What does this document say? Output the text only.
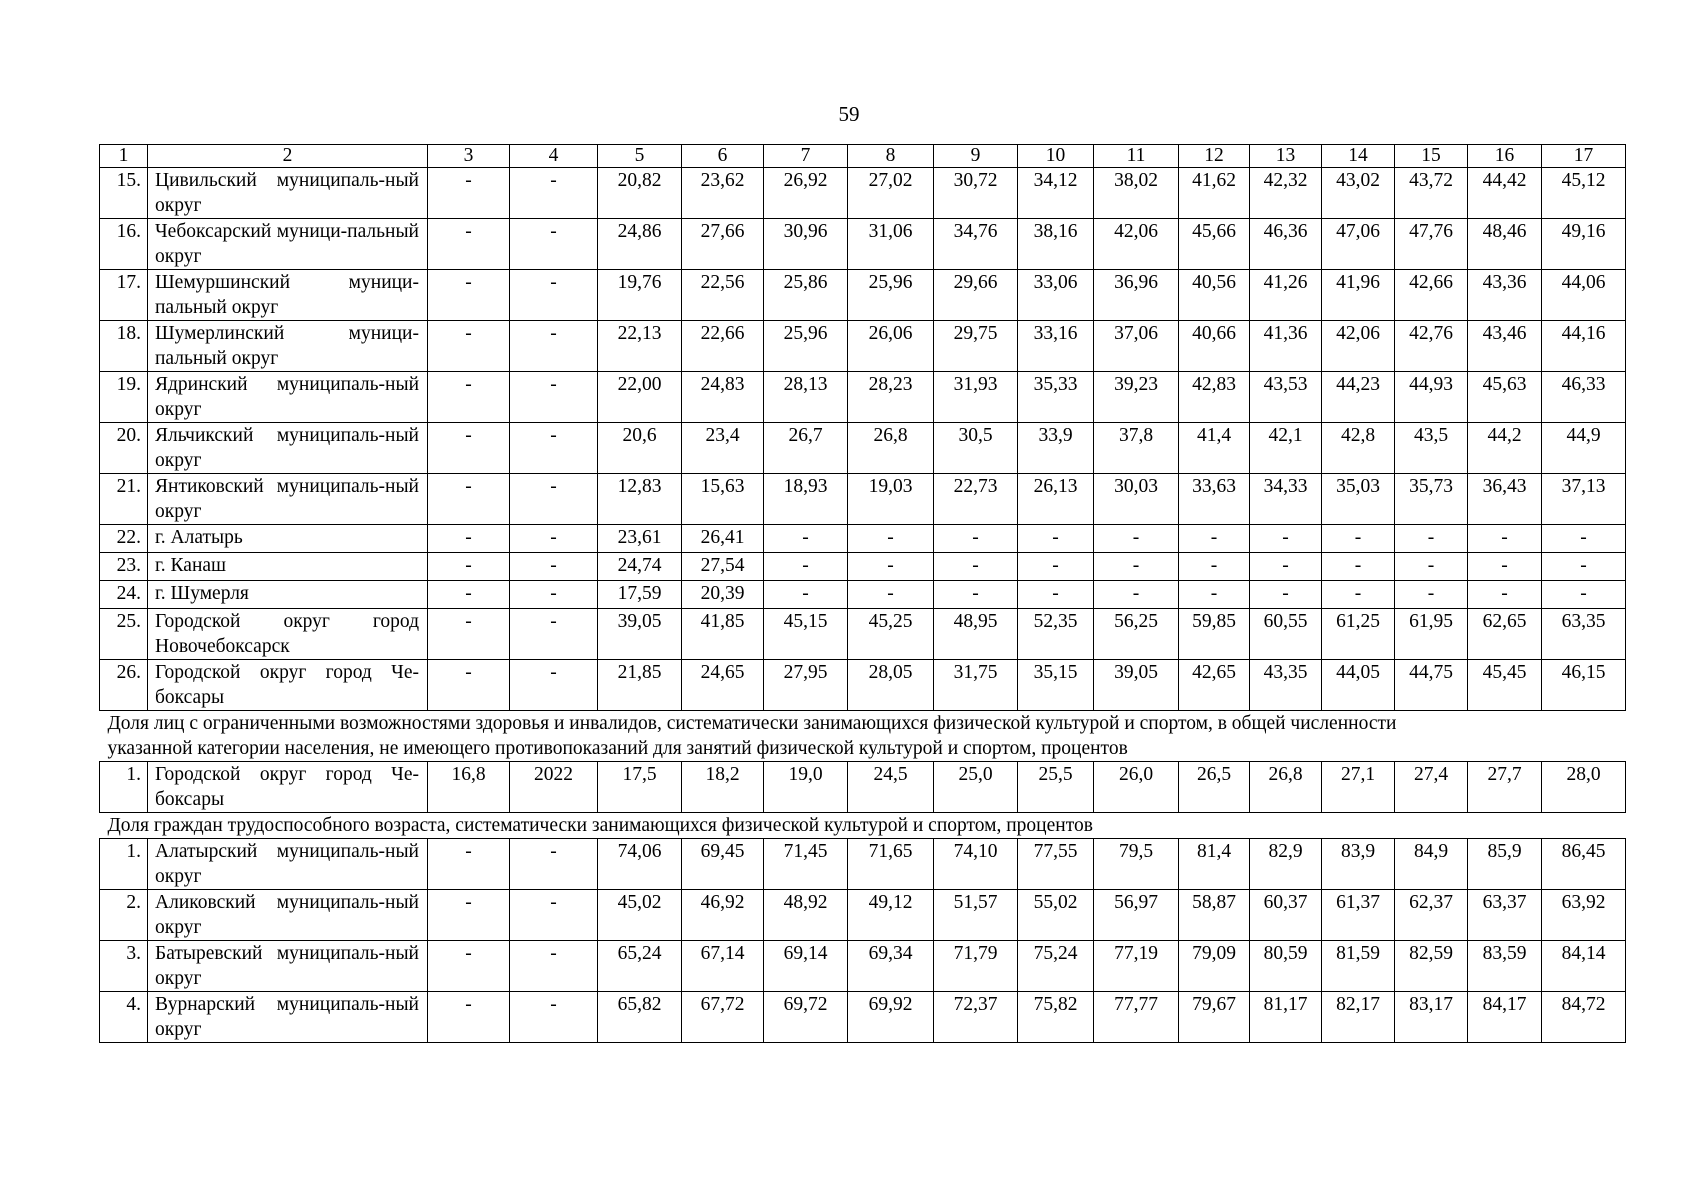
59
1	2	3	4	5	6	7	8	9	10	11	12	13	14	15	16	17
15.	Цивильский муниципаль-ный округ	-	-	20,82	23,62	26,92	27,02	30,72	34,12	38,02	41,62	42,32	43,02	43,72	44,42	45,12
16.	Чебоксарский муници-пальный округ	-	-	24,86	27,66	30,96	31,06	34,76	38,16	42,06	45,66	46,36	47,06	47,76	48,46	49,16
17.	Шемуршинский муници-пальный округ	-	-	19,76	22,56	25,86	25,96	29,66	33,06	36,96	40,56	41,26	41,96	42,66	43,36	44,06
18.	Шумерлинский муници-пальный округ	-	-	22,13	22,66	25,96	26,06	29,75	33,16	37,06	40,66	41,36	42,06	42,76	43,46	44,16
19.	Ядринский муниципаль-ный округ	-	-	22,00	24,83	28,13	28,23	31,93	35,33	39,23	42,83	43,53	44,23	44,93	45,63	46,33
20.	Яльчикский муниципаль-ный округ	-	-	20,6	23,4	26,7	26,8	30,5	33,9	37,8	41,4	42,1	42,8	43,5	44,2	44,9
21.	Янтиковский муниципаль-ный округ	-	-	12,83	15,63	18,93	19,03	22,73	26,13	30,03	33,63	34,33	35,03	35,73	36,43	37,13
22.	г. Алатырь	-	-	23,61	26,41	-	-	-	-	-	-	-	-	-	-	-
23.	г. Канаш	-	-	24,74	27,54	-	-	-	-	-	-	-	-	-	-	-
24.	г. Шумерля	-	-	17,59	20,39	-	-	-	-	-	-	-	-	-	-	-
25.	Городской округ город Новочебоксарск	-	-	39,05	41,85	45,15	45,25	48,95	52,35	56,25	59,85	60,55	61,25	61,95	62,65	63,35
26.	Городской округ город Че-боксары	-	-	21,85	24,65	27,95	28,05	31,75	35,15	39,05	42,65	43,35	44,05	44,75	45,45	46,15

Доля лиц с ограниченными возможностями здоровья и инвалидов, систематически занимающихся физической культурой и спортом, в общей численности
указанной категории населения, не имеющего противопоказаний для занятий физической культурой и спортом, процентов																

1.	Городской округ город Че-боксары	16,8	2022	17,5	18,2	19,0	24,5	25,0	25,5	26,0	26,5	26,8	27,1	27,4	27,7	28,0

Доля граждан трудоспособного возраста, систематически занимающихся физической культурой и спортом, процентов																

1.	Алатырский муниципаль-ный округ	-	-	74,06	69,45	71,45	71,65	74,10	77,55	79,5	81,4	82,9	83,9	84,9	85,9	86,45
2.	Аликовский муниципаль-ный округ	-	-	45,02	46,92	48,92	49,12	51,57	55,02	56,97	58,87	60,37	61,37	62,37	63,37	63,92
3.	Батыревский муниципаль-ный округ	-	-	65,24	67,14	69,14	69,34	71,79	75,24	77,19	79,09	80,59	81,59	82,59	83,59	84,14
4.	Вурнарский муниципаль-ный округ	-	-	65,82	67,72	69,72	69,92	72,37	75,82	77,77	79,67	81,17	82,17	83,17	84,17	84,72
